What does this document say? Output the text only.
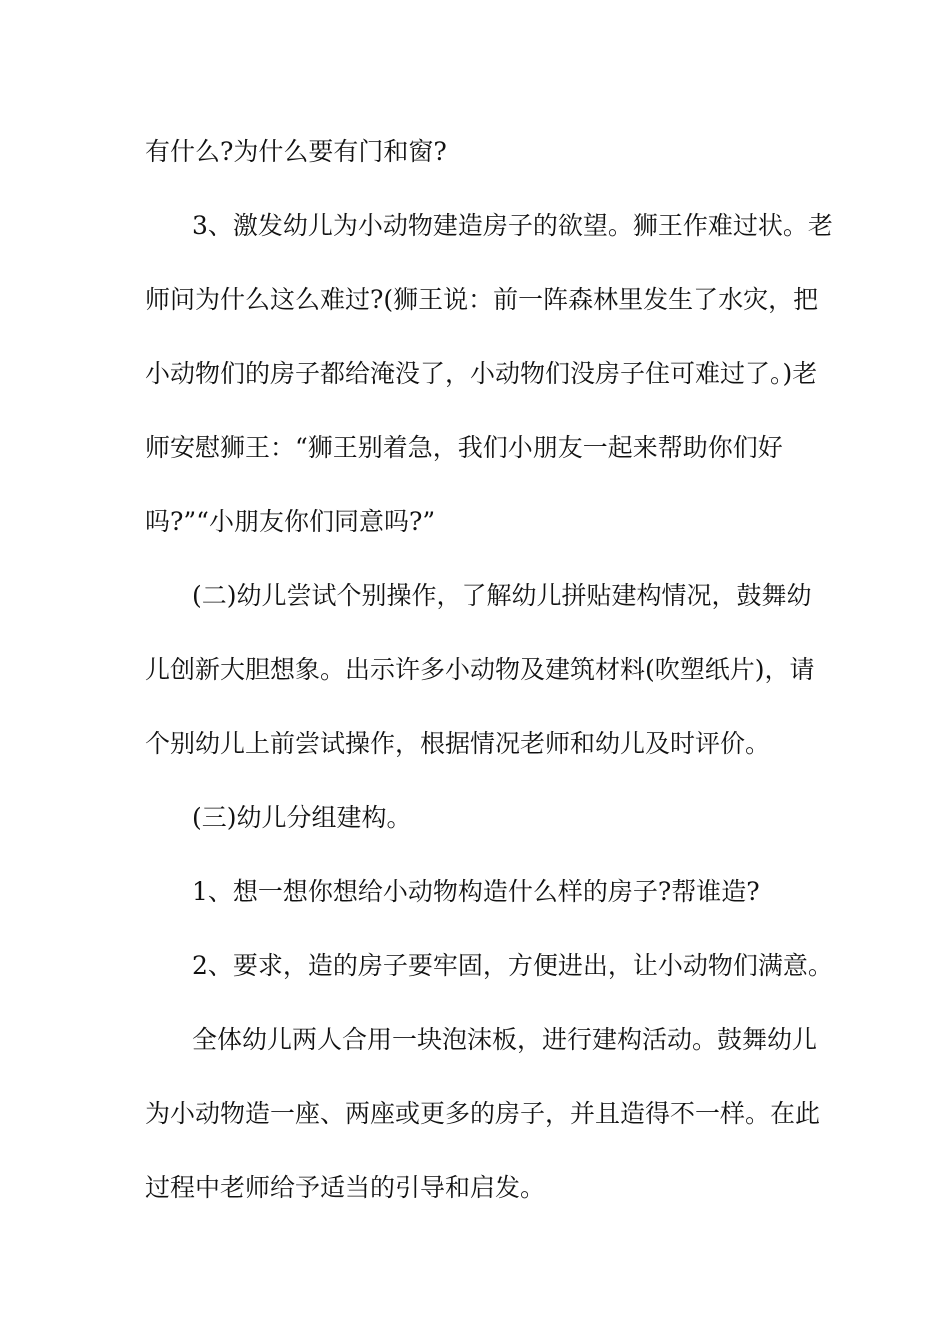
有什么?为什么要有门和窗?
3、激发幼儿为小动物建造房子的欲望。狮王作难过状。老
师问为什么这么难过?(狮王说：前一阵森林里发生了水灾，把
小动物们的房子都给淹没了，小动物们没房子住可难过了。)老
师安慰狮王：“狮王别着急，我们小朋友一起来帮助你们好
吗?”“小朋友你们同意吗?”
(二)幼儿尝试个别操作，了解幼儿拼贴建构情况，鼓舞幼
儿创新大胆想象。出示许多小动物及建筑材料(吹塑纸片)，请
个别幼儿上前尝试操作，根据情况老师和幼儿及时评价。
(三)幼儿分组建构。
1、想一想你想给小动物构造什么样的房子?帮谁造?
2、要求，造的房子要牢固，方便进出，让小动物们满意。
全体幼儿两人合用一块泡沫板，进行建构活动。鼓舞幼儿
为小动物造一座、两座或更多的房子，并且造得不一样。在此
过程中老师给予适当的引导和启发。
